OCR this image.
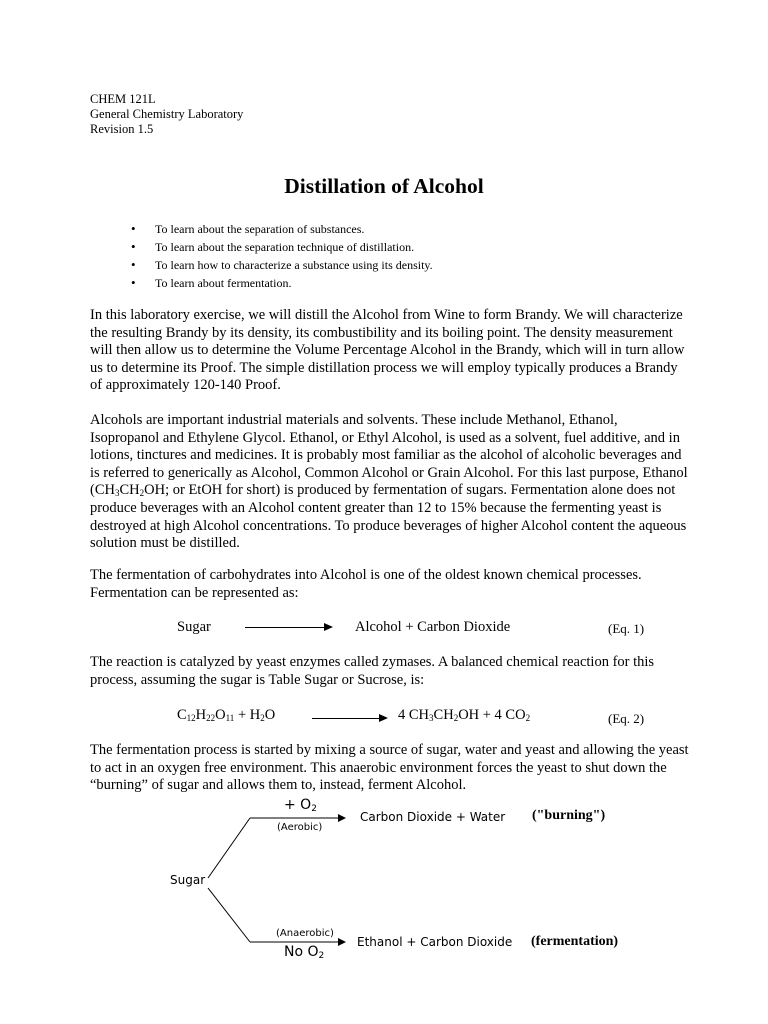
CHEM 121L
General Chemistry Laboratory
Revision 1.5
Distillation of Alcohol
• To learn about the separation of substances.
• To learn about the separation technique of distillation.
• To learn how to characterize a substance using its density.
• To learn about fermentation.

In this laboratory exercise, we will distill the Alcohol from Wine to form Brandy. We will characterize the resulting Brandy by its density, its combustibility and its boiling point. The density measurement will then allow us to determine the Volume Percentage Alcohol in the Brandy, which will in turn allow us to determine its Proof. The simple distillation process we will employ typically produces a Brandy of approximately 120-140 Proof.

Alcohols are important industrial materials and solvents. These include Methanol, Ethanol, Isopropanol and Ethylene Glycol. Ethanol, or Ethyl Alcohol, is used as a solvent, fuel additive, and in lotions, tinctures and medicines. It is probably most familiar as the alcohol of alcoholic beverages and is referred to generically as Alcohol, Common Alcohol or Grain Alcohol. For this last purpose, Ethanol ($CH_3CH_2OH$; or EtOH for short) is produced by fermentation of sugars. Fermentation alone does not produce beverages with an Alcohol content greater than 12 to 15% because the fermenting yeast is destroyed at high Alcohol concentrations. To produce beverages of higher Alcohol content the aqueous solution must be distilled.

The fermentation of carbohydrates into Alcohol is one of the oldest known chemical processes. Fermentation can be represented as:

Sugar	Alcohol + Carbon Dioxide	(Eq. 1)

The reaction is catalyzed by yeast enzymes called zymases. A balanced chemical reaction for this process, assuming the sugar is Table Sugar or Sucrose, is:

$C_{12}H_{22}O_{11} + H_2O$	4 $CH_3CH_2OH + 4$ $CO_2$	(Eq. 2)

The fermentation process is started by mixing a source of sugar, water and yeast and allowing the yeast to act in an oxygen free environment. This anaerobic environment forces the yeast to shut down the “burning” of sugar and allows them to, instead, ferment Alcohol.

Sugar
+ $O_2$
(Aerobic)
Carbon Dioxide + Water ("burning")
(Anaerobic)
No $O_2$
Ethanol + Carbon Dioxide (fermentation)
